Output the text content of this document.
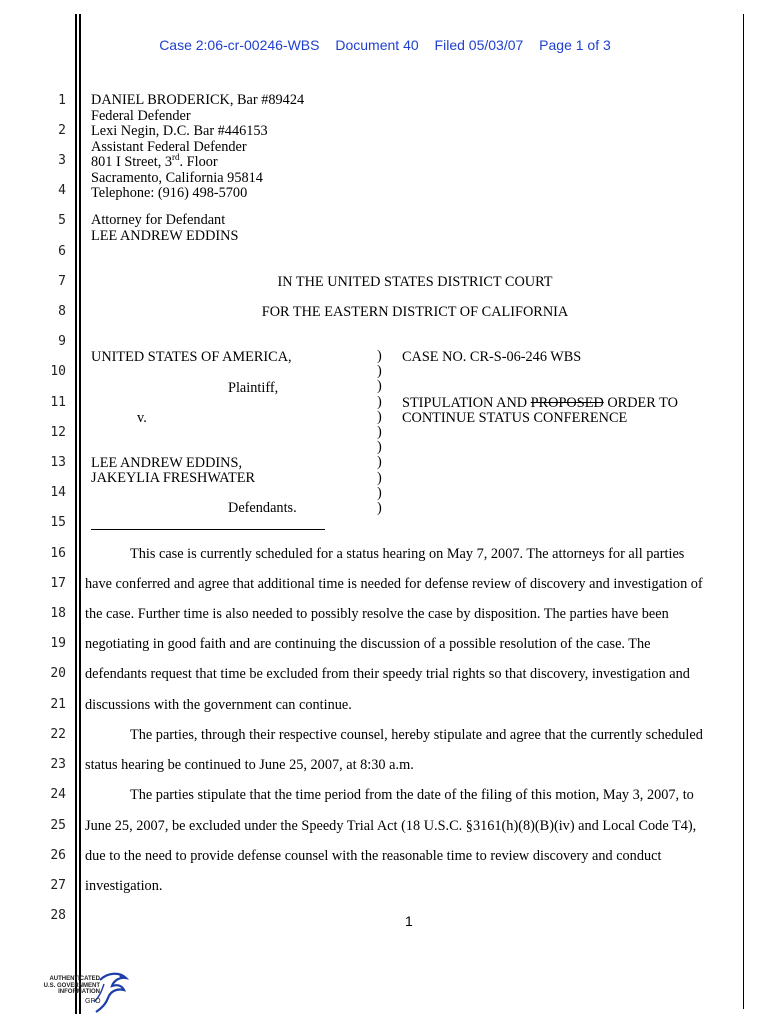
Case 2:06-cr-00246-WBS Document 40 Filed 05/03/07 Page 1 of 3
1
2
3
4
5
6
7
8
9
10
11
12
13
14
15
16
17
18
19
20
21
22
23
24
25
26
27
28
DANIEL BRODERICK, Bar #89424
Federal Defender
Lexi Negin, D.C. Bar #446153
Assistant Federal Defender
801 I Street, 3rd. Floor
Sacramento, California 95814
Telephone: (916) 498-5700
Attorney for Defendant
LEE ANDREW EDDINS
IN THE UNITED STATES DISTRICT COURT
FOR THE EASTERN DISTRICT OF CALIFORNIA
UNITED STATES OF AMERICA,
Plaintiff,
v.
LEE ANDREW EDDINS,
JAKEYLIA FRESHWATER
Defendants.
)
)
)
)
)
)
)
)
)
)
)
CASE NO. CR-S-06-246 WBS
STIPULATION AND PROPOSED ORDER TO
CONTINUE STATUS CONFERENCE
This case is currently scheduled for a status hearing on May 7, 2007. The attorneys for all parties
have conferred and agree that additional time is needed for defense review of discovery and investigation of
the case. Further time is also needed to possibly resolve the case by disposition. The parties have been
negotiating in good faith and are continuing the discussion of a possible resolution of the case. The
defendants request that time be excluded from their speedy trial rights so that discovery, investigation and
discussions with the government can continue.
The parties, through their respective counsel, hereby stipulate and agree that the currently scheduled
status hearing be continued to June 25, 2007, at 8:30 a.m.
The parties stipulate that the time period from the date of the filing of this motion, May 3, 2007, to
June 25, 2007, be excluded under the Speedy Trial Act (18 U.S.C. §3161(h)(8)(B)(iv) and Local Code T4),
due to the need to provide defense counsel with the reasonable time to review discovery and conduct
investigation.
1
AUTHENTICATED
U.S. GOVERNMENT
INFORMATION
GPO
